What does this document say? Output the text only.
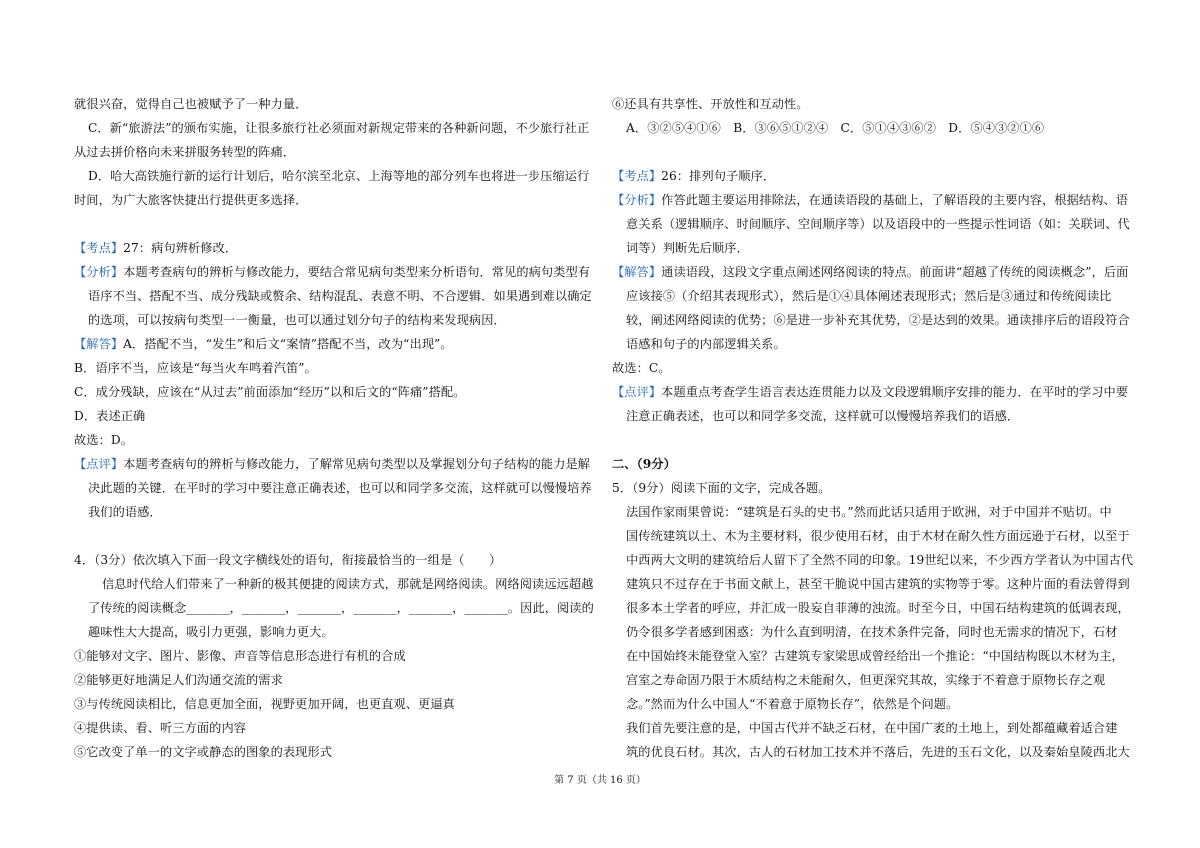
就很兴奋，觉得自己也被赋予了一种力量．
C．新“旅游法”的颁布实施，让很多旅行社必须面对新规定带来的各种新问题，不少旅行社正
从过去拼价格向未来拼服务转型的阵痛．
D．哈大高铁施行新的运行计划后，哈尔滨至北京、上海等地的部分列车也将进一步压缩运行
时间，为广大旅客快捷出行提供更多选择．
【考点】27：病句辨析修改．
【分析】本题考查病句的辨析与修改能力，要结合常见病句类型来分析语句．常见的病句类型有
语序不当、搭配不当、成分残缺或赘余、结构混乱、表意不明、不合逻辑．如果遇到难以确定
的选项，可以按病句类型一一衡量，也可以通过划分句子的结构来发现病因．
【解答】A．搭配不当，“发生”和后文“案情”搭配不当，改为“出现”。
B．语序不当，应该是“每当火车鸣着汽笛”。
C．成分残缺，应该在“从过去”前面添加“经历”以和后文的“阵痛”搭配。
D．表述正确
故选：D。
【点评】本题考查病句的辨析与修改能力，了解常见病句类型以及掌握划分句子结构的能力是解
决此题的关键．在平时的学习中要注意正确表述，也可以和同学多交流，这样就可以慢慢培养
我们的语感．
4．（3分）依次填入下面一段文字横线处的语句，衔接最恰当的一组是（　　）
信息时代给人们带来了一种新的极其便捷的阅读方式，那就是网络阅读。网络阅读远远超越
了传统的阅读概念_______，_______，_______，_______，_______，_______。因此，阅读的
趣味性大大提高，吸引力更强，影响力更大。
①能够对文字、图片、影像、声音等信息形态进行有机的合成
②能够更好地满足人们沟通交流的需求
③与传统阅读相比，信息更加全面，视野更加开阔，也更直观、更逼真
④提供读、看、听三方面的内容
⑤它改变了单一的文字或静态的图象的表现形式
⑥还具有共享性、开放性和互动性。
A．③②⑤④①⑥　B．③⑥⑤①②④　C．⑤①④③⑥②　D．⑤④③②①⑥
【考点】26：排列句子顺序．
【分析】作答此题主要运用排除法，在通读语段的基础上，了解语段的主要内容，根据结构、语
意关系（逻辑顺序、时间顺序、空间顺序等）以及语段中的一些提示性词语（如：关联词、代
词等）判断先后顺序．
【解答】通读语段，这段文字重点阐述网络阅读的特点。前面讲“超越了传统的阅读概念”，后面
应该接⑤（介绍其表现形式），然后是①④具体阐述表现形式；然后是③通过和传统阅读比
较，阐述网络阅读的优势；⑥是进一步补充其优势，②是达到的效果。通读排序后的语段符合
语感和句子的内部逻辑关系。
故选：C。
【点评】本题重点考查学生语言表达连贯能力以及文段逻辑顺序安排的能力．在平时的学习中要
注意正确表述，也可以和同学多交流，这样就可以慢慢培养我们的语感．
二、（9分）
5．（9分）阅读下面的文字，完成各题。
法国作家雨果曾说：“建筑是石头的史书。”然而此话只适用于欧洲，对于中国并不贴切。中
国传统建筑以土、木为主要材料，很少使用石材，由于木材在耐久性方面远逊于石材，以至于
中西两大文明的建筑给后人留下了全然不同的印象。19世纪以来，不少西方学者认为中国古代
建筑只不过存在于书面文献上，甚至干脆说中国古建筑的实物等于零。这种片面的看法曾得到
很多本土学者的呼应，并汇成一股妄自菲薄的浊流。时至今日，中国石结构建筑的低调表现，
仍令很多学者感到困惑：为什么直到明清，在技术条件完备，同时也无需求的情况下，石材
在中国始终未能登堂入室？古建筑专家梁思成曾经给出一个推论：“中国结构既以木材为主，
宫室之寿命固乃限于木质结构之未能耐久，但更深究其故，实缘于不着意于原物长存之观
念。”然而为什么中国人“不着意于原物长存”，依然是个问题。
我们首先要注意的是，中国古代并不缺乏石材，在中国广袤的土地上，到处都蕴藏着适合建
筑的优良石材。其次，古人的石材加工技术并不落后，先进的玉石文化，以及秦始皇陵西北大
第 7 页（共 16 页）
